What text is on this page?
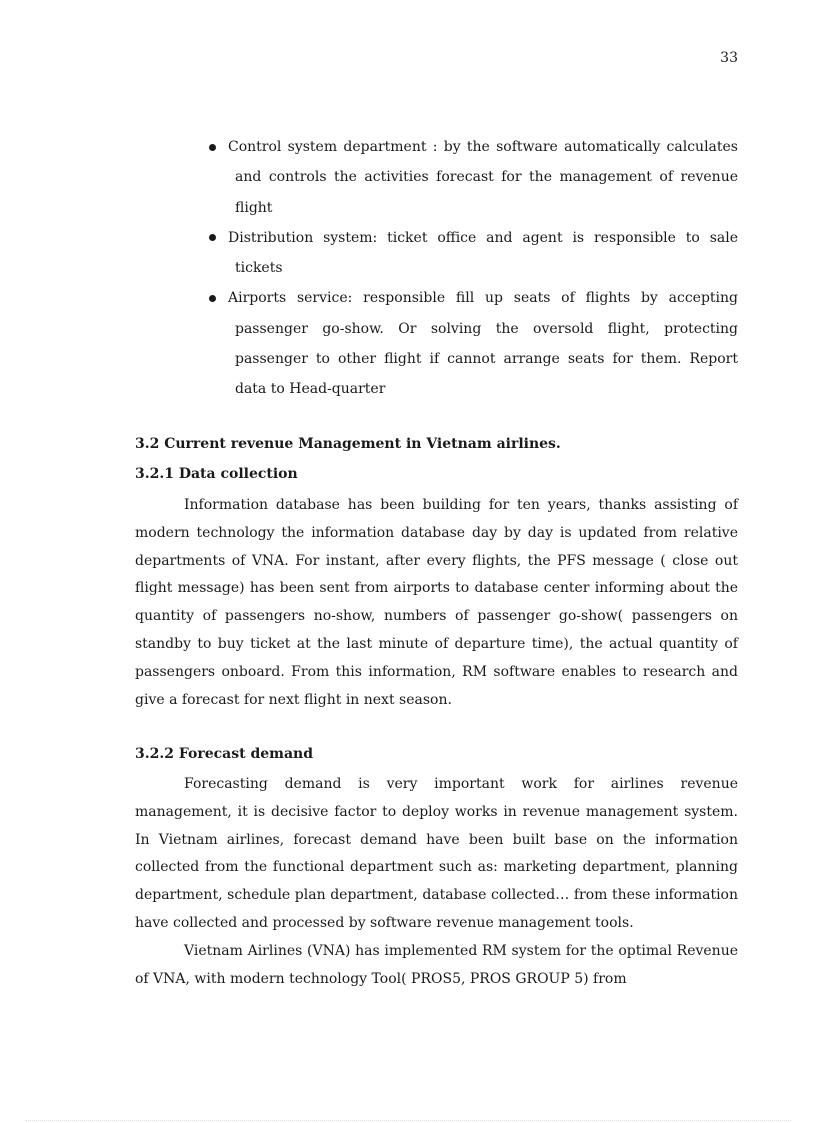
33
Control system department : by the software automatically calculates and controls the activities forecast for the management of revenue flight
Distribution system: ticket office and agent is responsible to sale tickets
Airports service: responsible fill up seats of flights by accepting passenger go-show. Or solving the oversold flight, protecting passenger to other flight if cannot arrange seats for them. Report data to Head-quarter
3.2 Current revenue Management in Vietnam airlines.
3.2.1 Data collection

Information database has been building for ten years, thanks assisting of modern technology the information database day by day is updated from relative departments of VNA. For instant, after every flights, the PFS message ( close out flight message) has been sent from airports to database center informing about the quantity of passengers no-show, numbers of passenger go-show( passengers on standby to buy ticket at the last minute of departure time), the actual quantity of passengers onboard. From this information, RM software enables to research and give a forecast for next flight in next season.

3.2.2 Forecast demand

Forecasting demand is very important work for airlines revenue management, it is decisive factor to deploy works in revenue management system. In Vietnam airlines, forecast demand have been built base on the information collected from the functional department such as: marketing department, planning department, schedule plan department, database collected… from these information have collected and processed by software revenue management tools.

Vietnam Airlines (VNA) has implemented RM system for the optimal Revenue of VNA, with modern technology Tool( PROS5, PROS GROUP 5) from
